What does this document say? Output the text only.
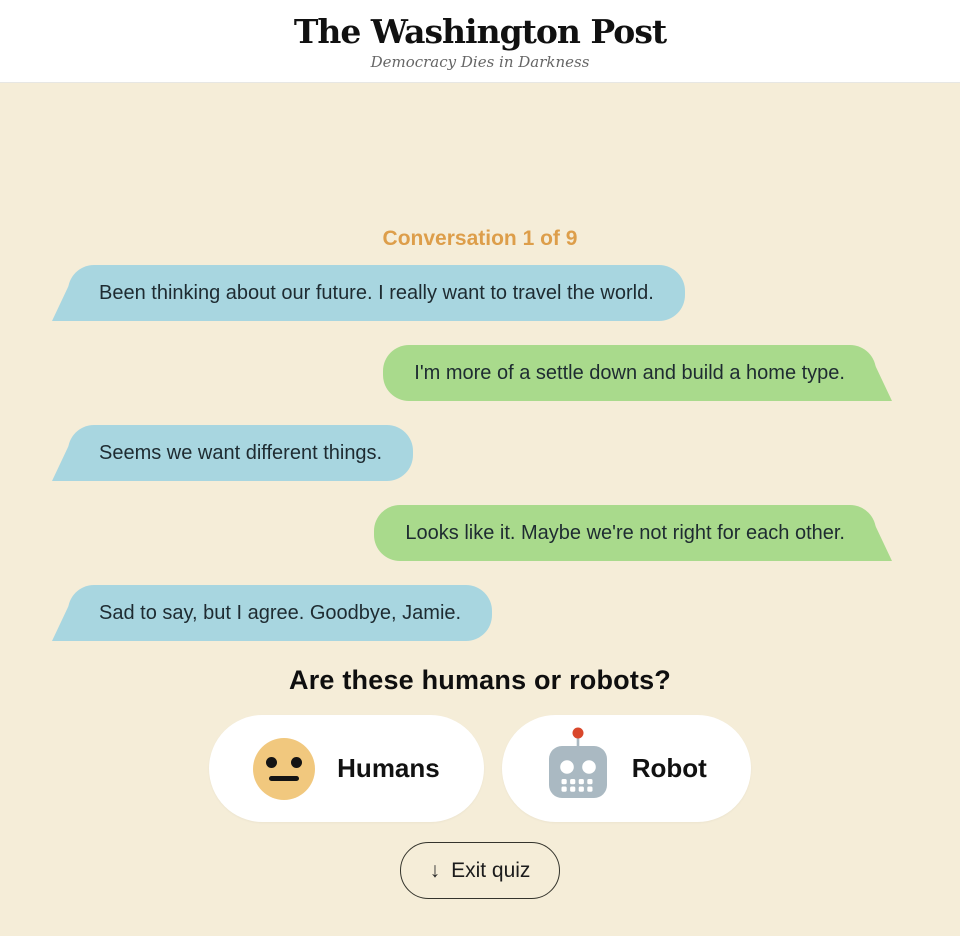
The Washington Post
Democracy Dies in Darkness
Conversation 1 of 9
Been thinking about our future. I really want to travel the world.
I'm more of a settle down and build a home type.
Seems we want different things.
Looks like it. Maybe we're not right for each other.
Sad to say, but I agree. Goodbye, Jamie.
Are these humans or robots?
Humans	Robot
↓ Exit quiz
